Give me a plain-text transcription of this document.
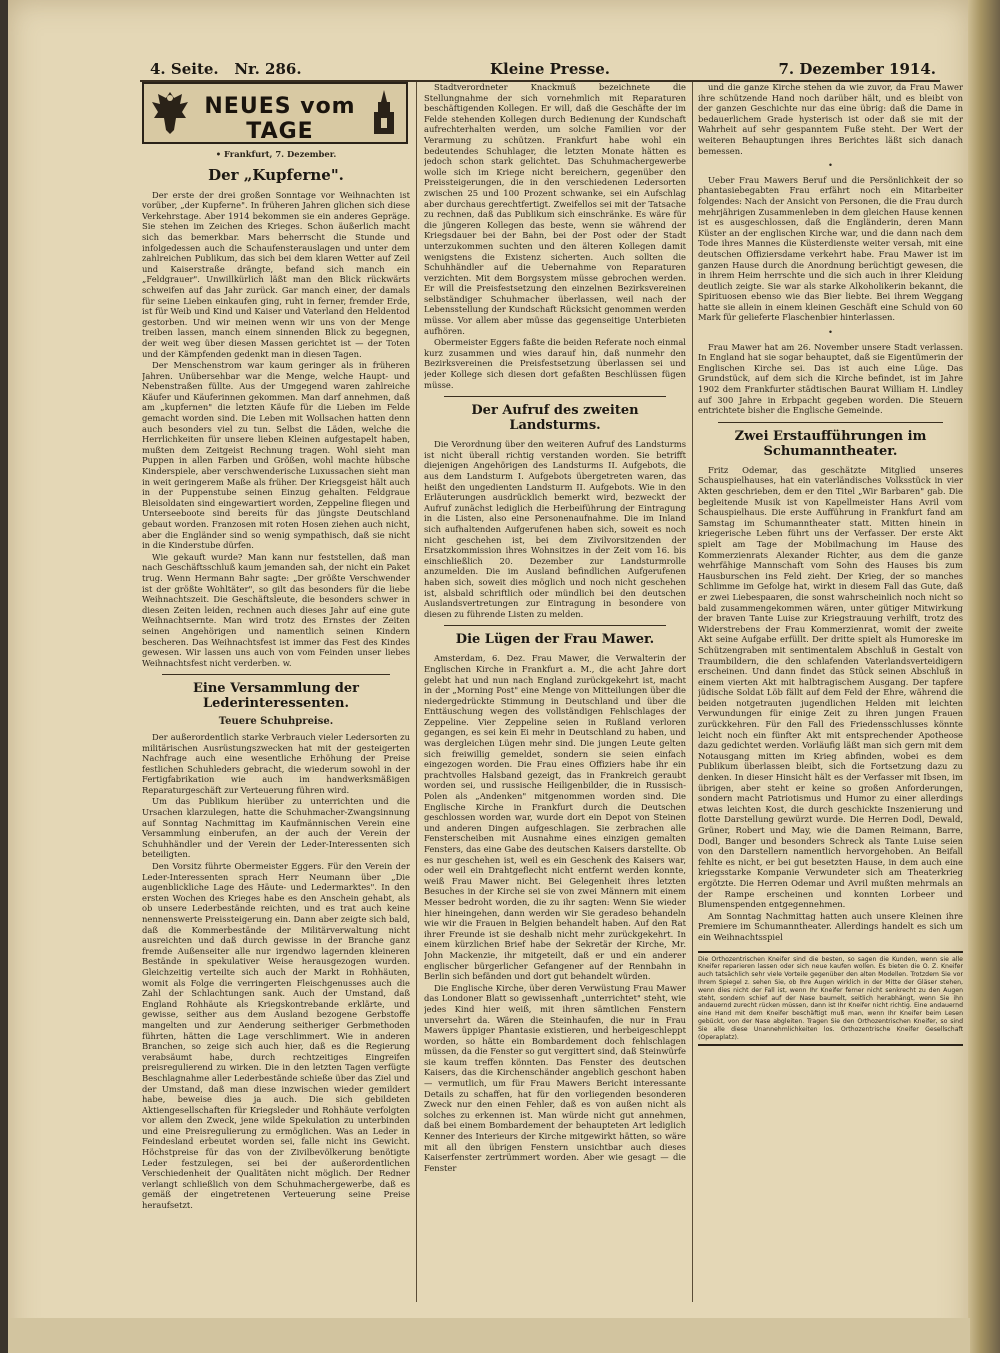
4. Seite. Nr. 286.	Kleine Presse.	7. Dezember 1914.
NEUES vom TAGE
• Frankfurt, 7. Dezember.
Der „Kupferne".

Der erste der drei großen Sonntage vor Weihnachten ist vorüber, „der Kupferne". In früheren Jahren glichen sich diese Verkehrstage. Aber 1914 bekommen sie ein anderes Gepräge. Sie stehen im Zeichen des Krieges. Schon äußerlich macht sich das bemerkbar. Mars beherrscht die Stunde und infolgedessen auch die Schaufensterauslagen und unter dem zahlreichen Publikum, das sich bei dem klaren Wetter auf Zeil und Kaiserstraße drängte, befand sich manch ein „Feldgrauer". Unwillkürlich läßt man den Blick rückwärts schweifen auf das Jahr zurück. Gar manch einer, der damals für seine Lieben einkaufen ging, ruht in ferner, fremder Erde, ist für Weib und Kind und Kaiser und Vaterland den Heldentod gestorben. Und wir meinen wenn wir uns von der Menge treiben lassen, manch einem sinnenden Blick zu begegnen, der weit weg über diesen Massen gerichtet ist — der Toten und der Kämpfenden gedenkt man in diesen Tagen.

Der Menschenstrom war kaum geringer als in früheren Jahren. Unübersehbar war die Menge, welche Haupt- und Nebenstraßen füllte. Aus der Umgegend waren zahlreiche Käufer und Käuferinnen gekommen. Man darf annehmen, daß am „kupfernen" die letzten Käufe für die Lieben im Felde gemacht worden sind. Die Leben mit Wollsachen hatten denn auch besonders viel zu tun. Selbst die Läden, welche die Herrlichkeiten für unsere lieben Kleinen aufgestapelt haben, mußten dem Zeitgeist Rechnung tragen. Wohl sieht man Puppen in allen Farben und Größen, wohl machte hübsche Kinderspiele, aber verschwenderische Luxussachen sieht man in weit geringerem Maße als früher. Der Kriegsgeist hält auch in der Puppenstube seinen Einzug gehalten. Feldgraue Bleisoldaten sind eingewartiert worden, Zeppeline fliegen und Unterseeboote sind bereits für das jüngste Deutschland gebaut worden. Franzosen mit roten Hosen ziehen auch nicht, aber die Engländer sind so wenig sympathisch, daß sie nicht in die Kinderstube dürfen.

Wie gekauft wurde? Man kann nur feststellen, daß man nach Geschäftsschluß kaum jemanden sah, der nicht ein Paket trug. Wenn Hermann Bahr sagte: „Der größte Verschwender ist der größte Wohltäter", so gilt das besonders für die liebe Weihnachtszeit. Die Geschäftsleute, die besonders schwer in diesen Zeiten leiden, rechnen auch dieses Jahr auf eine gute Weihnachtsernte. Man wird trotz des Ernstes der Zeiten seinen Angehörigen und namentlich seinen Kindern bescheren. Das Weihnachtsfest ist immer das Fest des Kindes gewesen. Wir lassen uns auch von vom Feinden unser liebes Weihnachtsfest nicht verderben. w.

Eine Versammlung der Lederinteressenten.
Teuere Schuhpreise.

Der außerordentlich starke Verbrauch vieler Ledersorten zu militärischen Ausrüstungszwecken hat mit der gesteigerten Nachfrage auch eine wesentliche Erhöhung der Preise festlichen Schuhleders gebracht, die wiederum sowohl in der Fertigfabrikation wie auch im handwerksmäßigen Reparaturgeschäft zur Verteuerung führen wird.

Um das Publikum hierüber zu unterrichten und die Ursachen klarzulegen, hatte die Schuhmacher-Zwangsinnung auf Sonntag Nachmittag im Kaufmännischen Verein eine Versammlung einberufen, an der auch der Verein der Schuhhändler und der Verein der Leder-Interessenten sich beteiligten.

Den Vorsitz führte Obermeister Eggers. Für den Verein der Leder-Interessenten sprach Herr Neumann über „Die augenblickliche Lage des Häute- und Ledermarktes". In den ersten Wochen des Krieges habe es den Anschein gehabt, als ob unsere Lederbestände reichten, und es trat auch keine nennenswerte Preissteigerung ein. Dann aber zeigte sich bald, daß die Kommerbestände der Militärverwaltung nicht ausreichten und daß durch gewisse in der Branche ganz fremde Außenseiter alle nur irgendwo lagernden kleineren Bestände in spekulativer Weise herausgezogen wurden. Gleichzeitig verteilte sich auch der Markt in Rohhäuten, womit als Folge die verringerten Fleischgenusses auch die Zahl der Schlachtungen sank. Auch der Umstand, daß England Rohhäute als Kriegskontrebande erklärte, und gewisse, seither aus dem Ausland bezogene Gerbstoffe mangelten und zur Aenderung seitheriger Gerbmethoden führten, hätten die Lage verschlimmert. Wie in anderen Branchen, so zeige sich auch hier, daß es die Regierung verabsäumt habe, durch rechtzeitiges Eingreifen preisregulierend zu wirken. Die in den letzten Tagen verfügte Beschlagnahme aller Lederbestände schieße über das Ziel und der Umstand, daß man diese inzwischen wieder gemildert habe, beweise dies ja auch. Die sich gebildeten Aktiengesellschaften für Kriegsleder und Rohhäute verfolgten vor allem den Zweck, jene wilde Spekulation zu unterbinden und eine Preisregulierung zu ermöglichen. Was an Leder in Feindesland erbeutet worden sei, falle nicht ins Gewicht. Höchstpreise für das von der Zivilbevölkerung benötigte Leder festzulegen, sei bei der außerordentlichen Verschiedenheit der Qualitäten nicht möglich. Der Redner verlangt schließlich von dem Schuhmachergewerbe, daß es gemäß der eingetretenen Verteuerung seine Preise heraufsetzt.

Stadtverordneter Knackmuß bezeichnete die Stellungnahme der sich vornehmlich mit Reparaturen beschäftigenden Kollegen. Er will, daß die Geschäfte der im Felde stehenden Kollegen durch Bedienung der Kundschaft aufrechterhalten werden, um solche Familien vor der Verarmung zu schützen. Frankfurt habe wohl ein bedeutendes Schuhlager, die letzten Monate hätten es jedoch schon stark gelichtet. Das Schuhmachergewerbe wolle sich im Kriege nicht bereichern, gegenüber den Preissteigerungen, die in den verschiedenen Ledersorten zwischen 25 und 100 Prozent schwanke, sei ein Aufschlag aber durchaus gerechtfertigt. Zweifellos sei mit der Tatsache zu rechnen, daß das Publikum sich einschränke. Es wäre für die jüngeren Kollegen das beste, wenn sie während der Kriegsdauer bei der Bahn, bei der Post oder der Stadt unterzukommen suchten und den älteren Kollegen damit wenigstens die Existenz sicherten. Auch sollten die Schuhhändler auf die Uebernahme von Reparaturen verzichten. Mit dem Borgsystem müsse gebrochen werden. Er will die Preisfestsetzung den einzelnen Bezirksvereinen selbständiger Schuhmacher überlassen, weil nach der Lebensstellung der Kundschaft Rücksicht genommen werden müsse. Vor allem aber müsse das gegenseitige Unterbieten aufhören.

Obermeister Eggers faßte die beiden Referate noch einmal kurz zusammen und wies darauf hin, daß nunmehr den Bezirksvereinen die Preisfestsetzung überlassen sei und jeder Kollege sich diesen dort gefaßten Beschlüssen fügen müsse.

Der Aufruf des zweiten Landsturms.

Die Verordnung über den weiteren Aufruf des Landsturms ist nicht überall richtig verstanden worden. Sie betrifft diejenigen Angehörigen des Landsturms II. Aufgebots, die aus dem Landsturm I. Aufgebots übergetreten waren, das heißt den ungedienten Landsturm II. Aufgebots. Wie in den Erläuterungen ausdrücklich bemerkt wird, bezweckt der Aufruf zunächst lediglich die Herbeiführung der Eintragung in die Listen, also eine Personenaufnahme. Die im Inland sich aufhaltenden Aufgerufenen haben sich, soweit es noch nicht geschehen ist, bei dem Zivilvorsitzenden der Ersatzkommission ihres Wohnsitzes in der Zeit vom 16. bis einschließlich 20. Dezember zur Landsturmrolle anzumelden. Die im Ausland befindlichen Aufgerufenen haben sich, soweit dies möglich und noch nicht geschehen ist, alsbald schriftlich oder mündlich bei den deutschen Auslandsvertretungen zur Eintragung in besondere von diesen zu führende Listen zu melden.

Die Lügen der Frau Mawer.

Amsterdam, 6. Dez. Frau Mawer, die Verwalterin der Englischen Kirche in Frankfurt a. M., die acht Jahre dort gelebt hat und nun nach England zurückgekehrt ist, macht in der „Morning Post" eine Menge von Mitteilungen über die niedergedrückte Stimmung in Deutschland und über die Enttäuschung wegen des vollständigen Fehlschlages der Zeppeline. Vier Zeppeline seien in Rußland verloren gegangen, es sei kein Ei mehr in Deutschland zu haben, und was dergleichen Lügen mehr sind. Die jungen Leute gelten sich freiwillig gemeldet, sondern sie seien einfach eingezogen worden. Die Frau eines Offiziers habe ihr ein prachtvolles Halsband gezeigt, das in Frankreich geraubt worden sei, und russische Heiligenbilder, die in Russisch-Polen als „Andenken" mitgenommen worden sind. Die Englische Kirche in Frankfurt durch die Deutschen geschlossen worden war, wurde dort ein Depot von Steinen und anderen Dingen aufgeschlagen. Sie zerbrachen alle Fensterscheiben mit Ausnahme eines einzigen gemalten Fensters, das eine Gabe des deutschen Kaisers darstellte. Ob es nur geschehen ist, weil es ein Geschenk des Kaisers war, oder weil ein Drahtgeflecht nicht entfernt werden konnte, weiß Frau Mawer nicht. Bei Gelegenheit ihres letzten Besuches in der Kirche sei sie von zwei Männern mit einem Messer bedroht worden, die zu ihr sagten: Wenn Sie wieder hier hineingehen, dann werden wir Sie geradeso behandeln wie wir die Frauen in Belgien behandelt haben. Auf den Rat ihrer Freunde ist sie deshalb nicht mehr zurückgekehrt. In einem kürzlichen Brief habe der Sekretär der Kirche, Mr. John Mackenzie, ihr mitgeteilt, daß er und ein anderer englischer bürgerlicher Gefangener auf der Rennbahn in Berlin sich befänden und dort gut behandelt würden.

Die Englische Kirche, über deren Verwüstung Frau Mawer das Londoner Blatt so gewissenhaft „unterrichtet" steht, wie jedes Kind hier weiß, mit ihren sämtlichen Fenstern unversehrt da. Wären die Steinhaufen, die nur in Frau Mawers üppiger Phantasie existieren, und herbeigeschleppt worden, so hätte ein Bombardement doch fehlschlagen müssen, da die Fenster so gut vergittert sind, daß Steinwürfe sie kaum treffen könnten. Das Fenster des deutschen Kaisers, das die Kirchenschänder angeblich geschont haben — vermutlich, um für Frau Mawers Bericht interessante Details zu schaffen, hat für den vorliegenden besonderen Zweck nur den einen Fehler, daß es von außen nicht als solches zu erkennen ist. Man würde nicht gut annehmen, daß bei einem Bombardement der behaupteten Art lediglich Kenner des Interieurs der Kirche mitgewirkt hätten, so wäre mit all den übrigen Fenstern unsichtbar auch dieses Kaiserfenster zertrümmert worden. Aber wie gesagt — die Fenster

und die ganze Kirche stehen da wie zuvor, da Frau Mawer ihre schützende Hand noch darüber hält, und es bleibt von der ganzen Geschichte nur das eine übrig: daß die Dame in bedauerlichem Grade hysterisch ist oder daß sie mit der Wahrheit auf sehr gespanntem Fuße steht. Der Wert der weiteren Behauptungen ihres Berichtes läßt sich danach bemessen.

•

Ueber Frau Mawers Beruf und die Persönlichkeit der so phantasiebegabten Frau erfährt noch ein Mitarbeiter folgendes: Nach der Ansicht von Personen, die die Frau durch mehrjährigen Zusammenleben in dem gleichen Hause kennen ist es ausgeschlossen, daß die Engländerin, deren Mann Küster an der englischen Kirche war, und die dann nach dem Tode ihres Mannes die Küsterdienste weiter versah, mit eine deutschen Offiziersdame verkehrt habe. Frau Mawer ist im ganzen Hause durch die Anordnung berüchtigt gewesen, die in ihrem Heim herrschte und die sich auch in ihrer Kleidung deutlich zeigte. Sie war als starke Alkoholikerin bekannt, die Spirituosen ebenso wie das Bier liebte. Bei ihrem Weggang hatte sie allein in einem kleinen Geschäft eine Schuld von 60 Mark für gelieferte Flaschenbier hinterlassen.

•

Frau Mawer hat am 26. November unsere Stadt verlassen. In England hat sie sogar behauptet, daß sie Eigentümerin der Englischen Kirche sei. Das ist auch eine Lüge. Das Grundstück, auf dem sich die Kirche befindet, ist im Jahre 1902 dem Frankfurter städtischen Baurat William H. Lindley auf 300 Jahre in Erbpacht gegeben worden. Die Steuern entrichtete bisher die Englische Gemeinde.

Zwei Erstaufführungen im Schumanntheater.

Fritz Odemar, das geschätzte Mitglied unseres Schauspielhauses, hat ein vaterländisches Volksstück in vier Akten geschrieben, dem er den Titel „Wir Barbaren" gab. Die begleitende Musik ist von Kapellmeister Hans Avril vom Schauspielhaus. Die erste Aufführung in Frankfurt fand am Samstag im Schumanntheater statt. Mitten hinein in kriegerische Leben führt uns der Verfasser. Der erste Akt spielt am Tage der Mobilmachung im Hause des Kommerzienrats Alexander Richter, aus dem die ganze wehrfähige Mannschaft vom Sohn des Hauses bis zum Hausburschen ins Feld zieht. Der Krieg, der so manches Schlimme im Gefolge hat, wirkt in diesem Fall das Gute, daß er zwei Liebespaaren, die sonst wahrscheinlich noch nicht so bald zusammengekommen wären, unter gütiger Mitwirkung der braven Tante Luise zur Kriegstrauung verhilft, trotz des Widerstrebens der Frau Kommerzienrat, womit der zweite Akt seine Aufgabe erfüllt. Der dritte spielt als Humoreske im Schützengraben mit sentimentalem Abschluß in Gestalt von Traumbildern, die den schlafenden Vaterlandsverteidigern erscheinen. Und dann findet das Stück seinen Abschluß in einem vierten Akt mit halbtragischem Ausgang. Der tapfere jüdische Soldat Löb fällt auf dem Feld der Ehre, während die beiden notgetrauten jugendlichen Helden mit leichten Verwundungen für einige Zeit zu ihren jungen Frauen zurückkehren. Für den Fall des Friedensschlusses könnte leicht noch ein fünfter Akt mit entsprechender Apotheose dazu gedichtet werden. Vorläufig läßt man sich gern mit dem Notausgang mitten im Krieg abfinden, wobei es dem Publikum überlassen bleibt, sich die Fortsetzung dazu zu denken. In dieser Hinsicht hält es der Verfasser mit Ibsen, im übrigen, aber steht er keine so großen Anforderungen, sondern macht Patriotismus und Humor zu einer allerdings etwas leichten Kost, die durch geschickte Inszenierung und flotte Darstellung gewürzt wurde. Die Herren Dodl, Dewald, Grüner, Robert und May, wie die Damen Reimann, Barre, Dodl, Banger und besonders Schreck als Tante Luise seien von den Darstellern namentlich hervorgehoben. An Beifall fehlte es nicht, er bei gut besetzten Hause, in dem auch eine kriegsstarke Kompanie Verwundeter sich am Theaterkrieg ergötzte. Die Herren Odemar und Avril mußten mehrmals an der Rampe erscheinen und konnten Lorbeer und Blumenspenden entgegennehmen.

Am Sonntag Nachmittag hatten auch unsere Kleinen ihre Premiere im Schumanntheater. Allerdings handelt es sich um ein Weihnachtsspiel

Die Orthozentrischen Kneifer sind die besten, so sagen die Kunden, wenn sie alle Kneifer reparieren lassen oder sich neue kaufen wollen. Es bieten die O. Z. Kneifer auch tatsächlich sehr viele Vorteile gegenüber den alten Modellen. Trotzdem Sie vor Ihrem Spiegel z. sehen Sie, ob Ihre Augen wirklich in der Mitte der Gläser stehen, wenn dies nicht der Fall ist, wenn Ihr Kneifer ferner nicht senkrecht zu den Augen steht, sondern schief auf der Nase baumelt, seitlich herabhängt, wenn Sie ihn andauernd zurecht rücken müssen, dann ist Ihr Kneifer nicht richtig. Eine andauernd eine Hand mit dem Kneifer beschäftigt muß man, wenn Ihr Kneifer beim Lesen gebückt, von der Nase abgleiten. Tragen Sie den Orthozentrischen Kneifer, so sind Sie alle diese Unannehmlichkeiten los. Orthozentrische Kneifer Gesellschaft (Operaplatz).
